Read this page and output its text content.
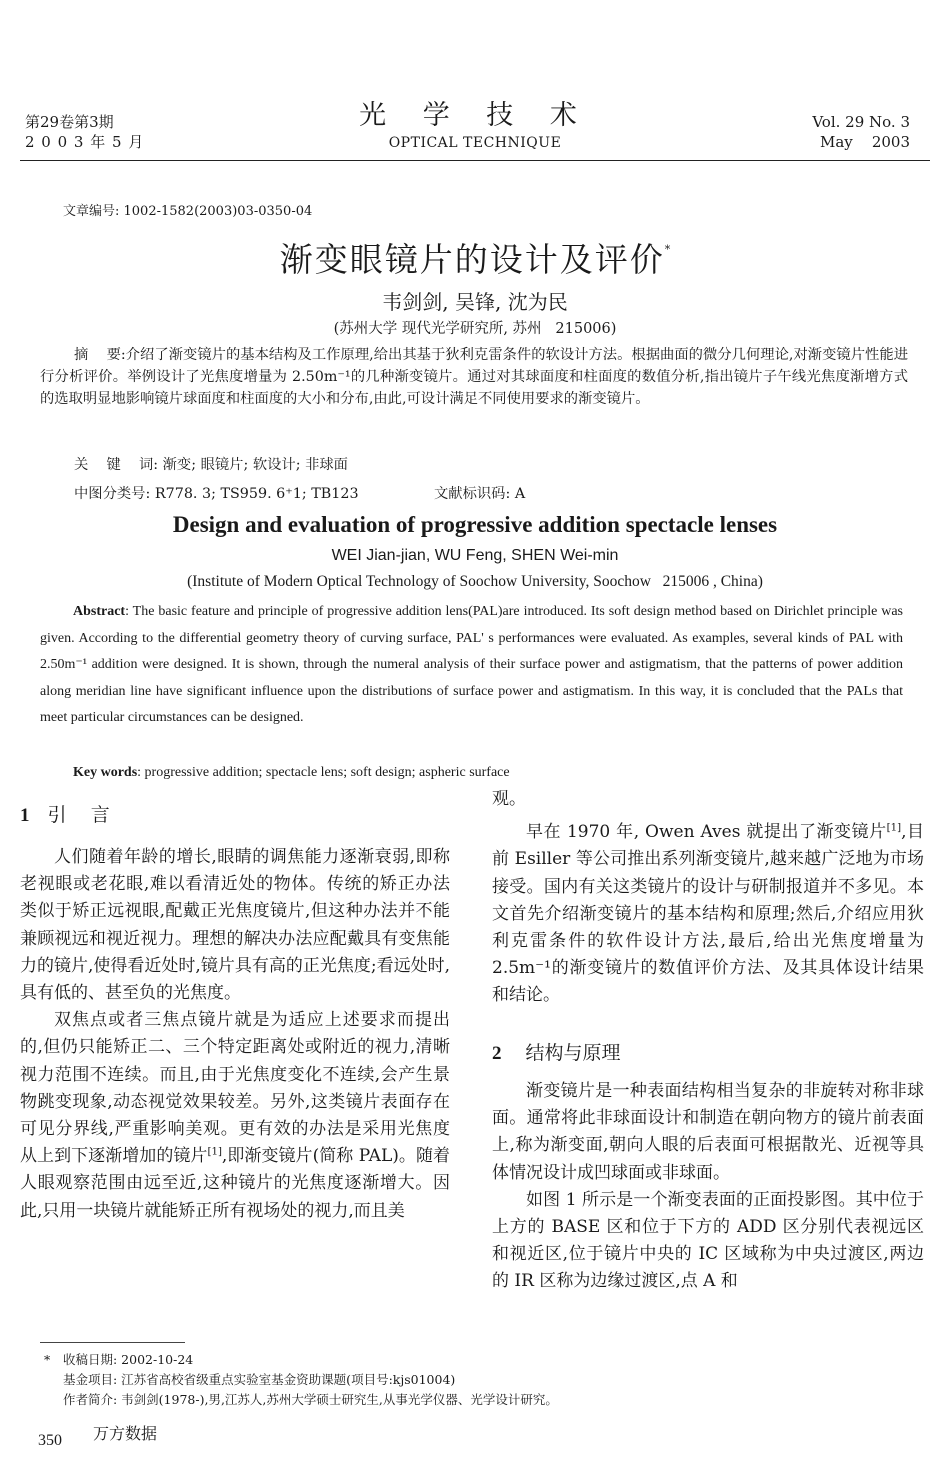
第29卷第3期
2 0 0 3 年 5 月
光 学 技 术
OPTICAL TECHNIQUE
Vol. 29 No. 3
May    2003
文章编号: 1002-1582(2003)03-0350-04
渐变眼镜片的设计及评价*
韦剑剑, 吴锋, 沈为民
(苏州大学 现代光学研究所, 苏州   215006)
摘    要:介绍了渐变镜片的基本结构及工作原理,给出其基于狄利克雷条件的软设计方法。根据曲面的微分几何理论,对渐变镜片性能进行分析评价。举例设计了光焦度增量为 2.50m⁻¹的几种渐变镜片。通过对其球面度和柱面度的数值分析,指出镜片子午线光焦度渐增方式的选取明显地影响镜片球面度和柱面度的大小和分布,由此,可设计满足不同使用要求的渐变镜片。
关    键    词: 渐变; 眼镜片; 软设计; 非球面
中图分类号: R778. 3; TS959. 6⁺1; TB123	文献标识码: A
Design and evaluation of progressive addition spectacle lenses
WEI Jian-jian, WU Feng, SHEN Wei-min
(Institute of Modern Optical Technology of Soochow University, Soochow   215006 , China)
Abstract: The basic feature and principle of progressive addition lens(PAL)are introduced. Its soft design method based on Dirichlet principle was given. According to the differential geometry theory of curving surface, PAL' s performances were evaluated. As examples, several kinds of PAL with 2.50m⁻¹ addition were designed. It is shown, through the numeral analysis of their surface power and astigmatism, that the patterns of power addition along meridian line have significant influence upon the distributions of surface power and astigmatism. In this way, it is concluded that the PALs that meet particular circumstances can be designed.
Key words: progressive addition; spectacle lens; soft design; aspheric surface
1 引    言

人们随着年龄的增长,眼睛的调焦能力逐渐衰弱,即称老视眼或老花眼,难以看清近处的物体。传统的矫正办法类似于矫正远视眼,配戴正光焦度镜片,但这种办法并不能兼顾视远和视近视力。理想的解决办法应配戴具有变焦能力的镜片,使得看近处时,镜片具有高的正光焦度;看远处时,具有低的、甚至负的光焦度。

双焦点或者三焦点镜片就是为适应上述要求而提出的,但仍只能矫正二、三个特定距离处或附近的视力,清晰视力范围不连续。而且,由于光焦度变化不连续,会产生景物跳变现象,动态视觉效果较差。另外,这类镜片表面存在可见分界线,严重影响美观。更有效的办法是采用光焦度从上到下逐渐增加的镜片[1],即渐变镜片(简称 PAL)。随着人眼观察范围由远至近,这种镜片的光焦度逐渐增大。因此,只用一块镜片就能矫正所有视场处的视力,而且美

观。

早在 1970 年, Owen Aves 就提出了渐变镜片[1],目前 Esiller 等公司推出系列渐变镜片,越来越广泛地为市场接受。国内有关这类镜片的设计与研制报道并不多见。本文首先介绍渐变镜片的基本结构和原理;然后,介绍应用狄利克雷条件的软件设计方法,最后,给出光焦度增量为 2.5m⁻¹的渐变镜片的数值评价方法、及其具体设计结果和结论。

2 结构与原理

渐变镜片是一种表面结构相当复杂的非旋转对称非球面。通常将此非球面设计和制造在朝向物方的镜片前表面上,称为渐变面,朝向人眼的后表面可根据散光、近视等具体情况设计成凹球面或非球面。

如图 1 所示是一个渐变表面的正面投影图。其中位于上方的 BASE 区和位于下方的 ADD 区分别代表视远区和视近区,位于镜片中央的 IC 区域称为中央过渡区,两边的 IR 区称为边缘过渡区,点 A 和

* 收稿日期: 2002-10-24
基金项目: 江苏省高校省级重点实验室基金资助课题(项目号:kjs01004)
作者简介: 韦剑剑(1978-),男,江苏人,苏州大学硕士研究生,从事光学仪器、光学设计研究。
350 万方数据
